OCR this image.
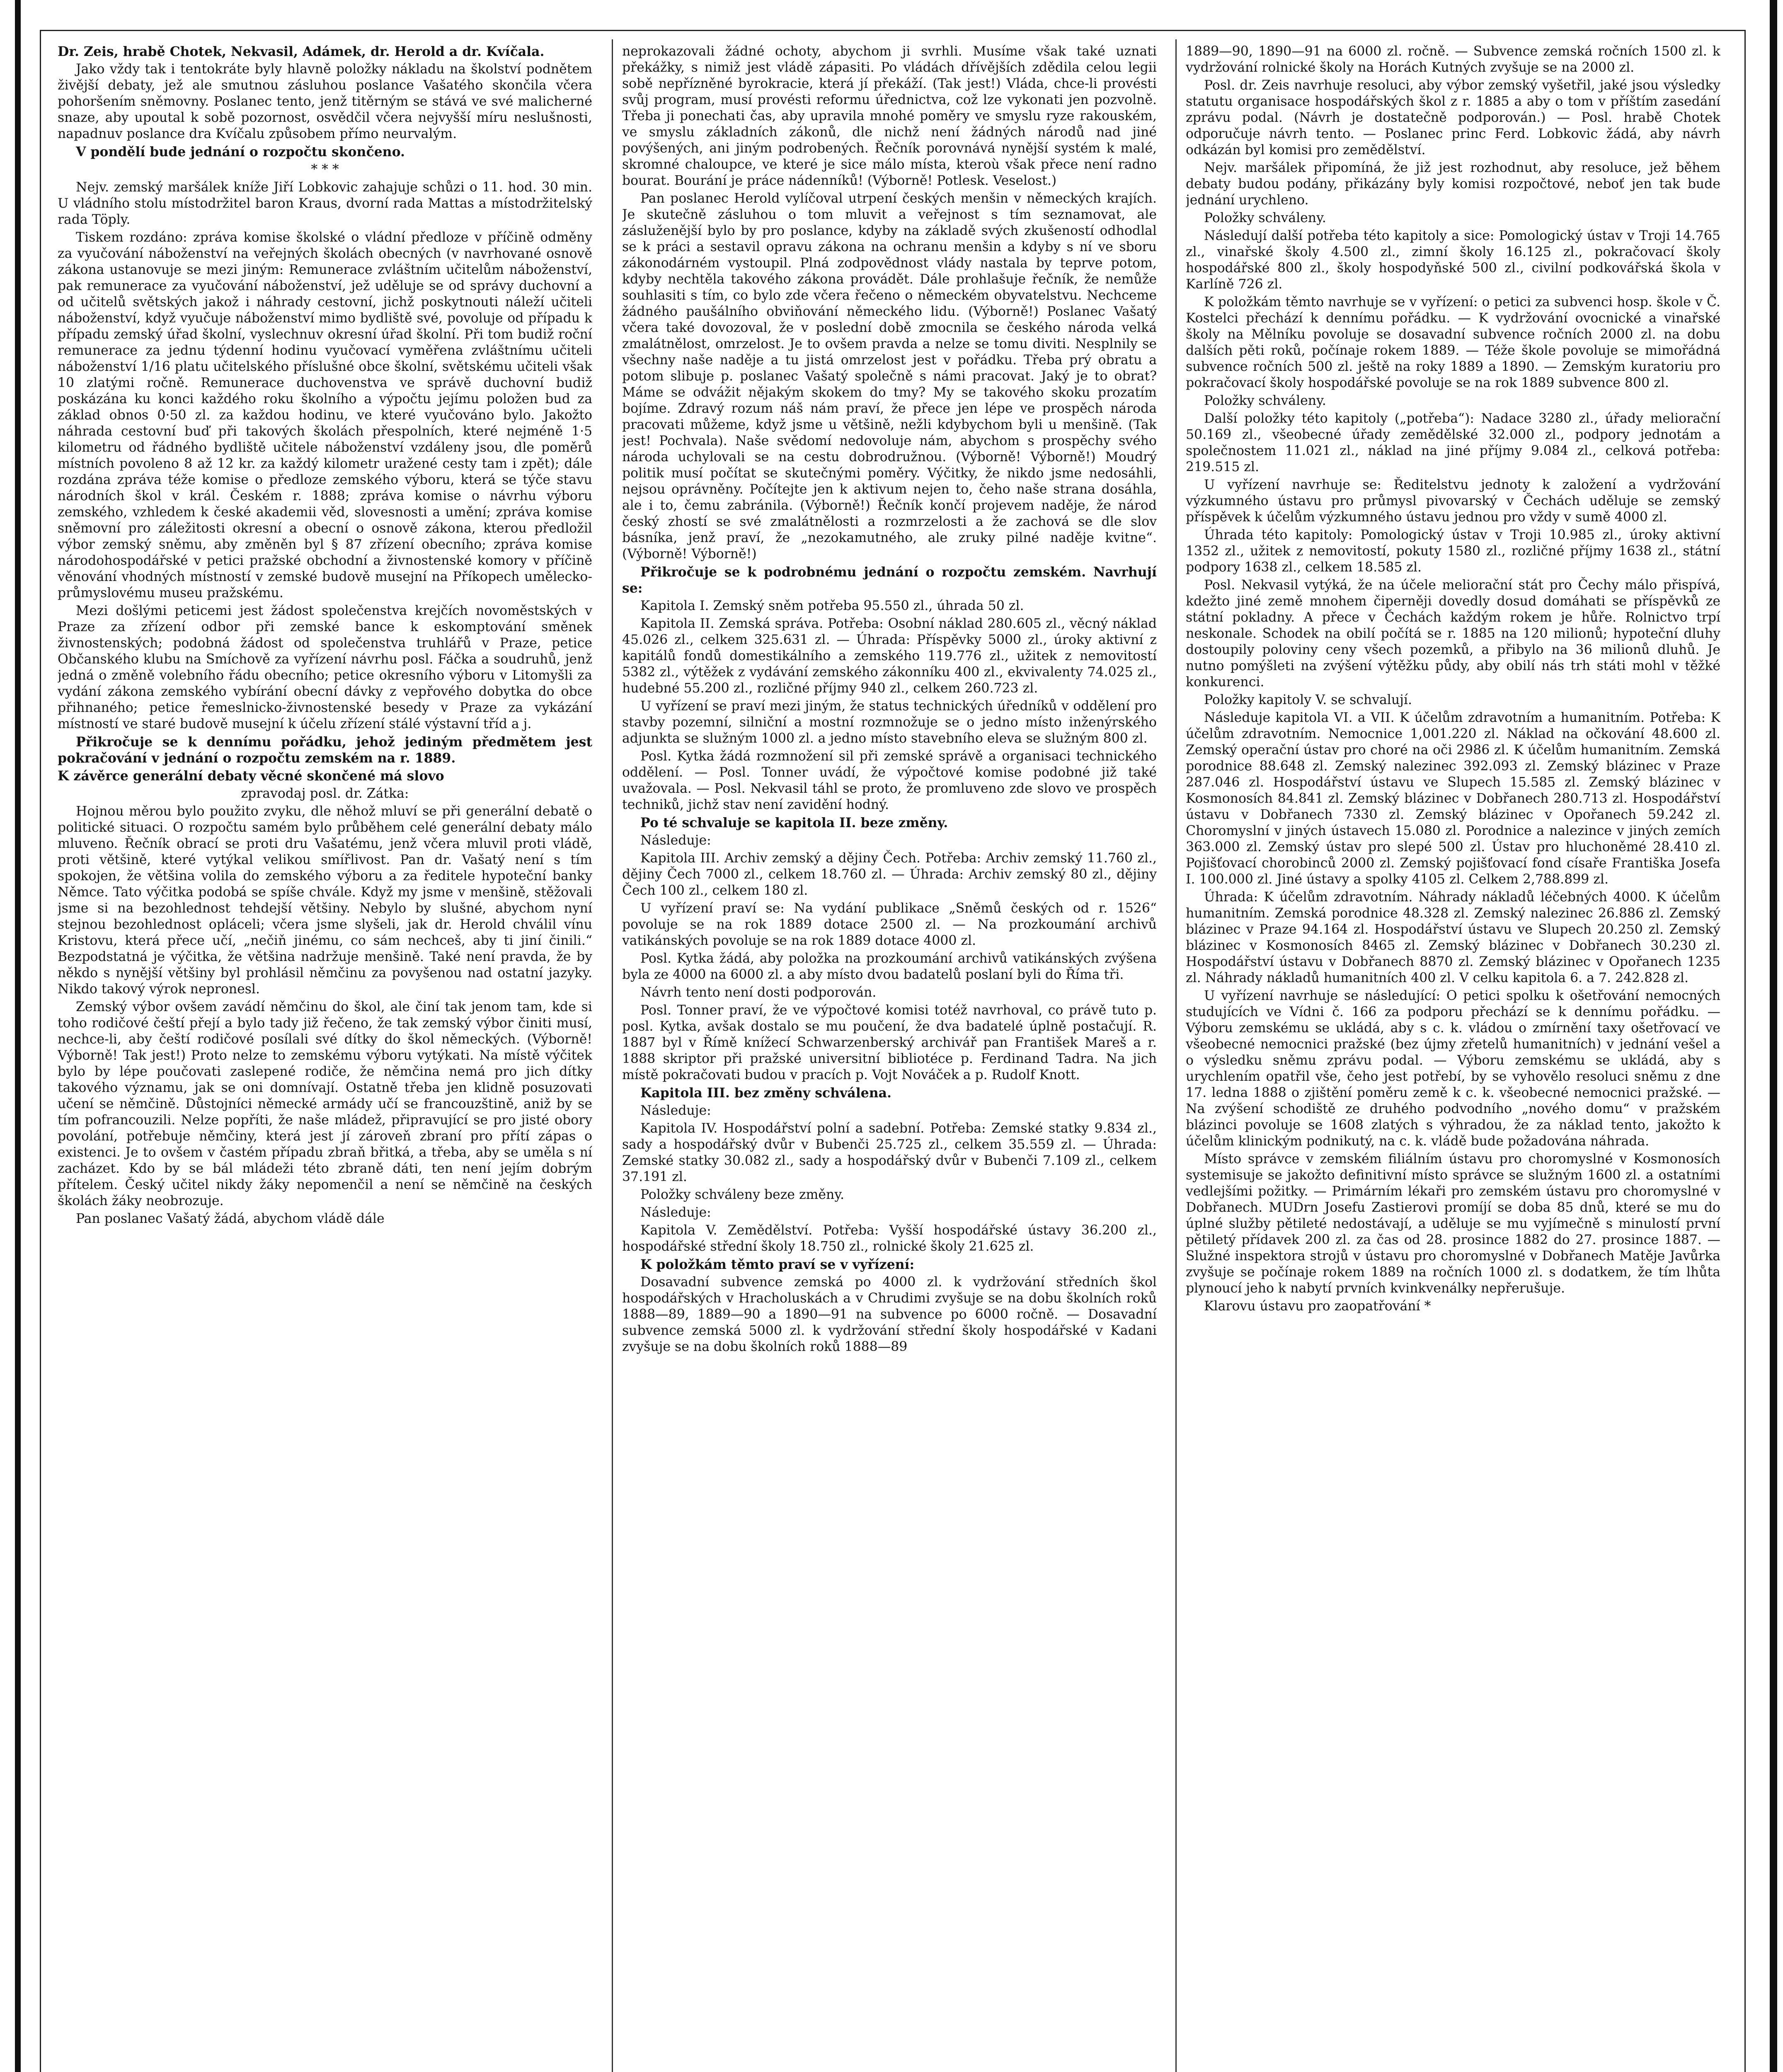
Dr. Zeis, hrabě Chotek, Nekvasil, Adámek, dr. Herold a dr. Kvíčala.

Jako vždy tak i tentokráte byly hlavně položky nákladu na školství podnětem živější debaty, jež ale smutnou zásluhou poslance Vašatého skončila včera pohoršením sněmovny. Poslanec tento, jenž titěrným se stává ve své malicherné snaze, aby upoutal k sobě pozornost, osvědčil včera nejvyšší míru neslušnosti, napadnuv poslance dra Kvíčalu způsobem přímo neurvalým.

V pondělí bude jednání o rozpočtu skončeno.

* * *

Nejv. zemský maršálek kníže Jiří Lobkovic zahajuje schůzi o 11. hod. 30 min. U vládního stolu místodržitel baron Kraus, dvorní rada Mattas a místodržitelský rada Töply.

Tiskem rozdáno: zpráva komise školské o vládní předloze v příčině odměny za vyučování náboženství na veřejných školách obecných (v navrhované osnově zákona ustanovuje se mezi jiným: Remunerace zvláštním učitelům náboženství, pak remunerace za vyučování náboženství, jež uděluje se od správy duchovní a od učitelů světských jakož i náhrady cestovní, jichž poskytnouti náleží učiteli náboženství, když vyučuje náboženství mimo bydliště své, povoluje od případu k případu zemský úřad školní, vyslechnuv okresní úřad školní. Při tom budiž roční remunerace za jednu týdenní hodinu vyučovací vyměřena zvláštnímu učiteli náboženství 1/16 platu učitelského příslušné obce školní, světskému učiteli však 10 zlatými ročně. Remunerace duchovenstva ve správě duchovní budiž poskázána ku konci každého roku školního a výpočtu jejímu položen bud za základ obnos 0·50 zl. za každou hodinu, ve které vyučováno bylo. Jakožto náhrada cestovní buď při takových školách přespolních, které nejméně 1·5 kilometru od řádného bydliště učitele náboženství vzdáleny jsou, dle poměrů místních povoleno 8 až 12 kr. za každý kilometr uražené cesty tam i zpět); dále rozdána zpráva téže komise o předloze zemského výboru, která se týče stavu národních škol v král. Českém r. 1888; zpráva komise o návrhu výboru zemského, vzhledem k české akademii věd, slovesnosti a umění; zpráva komise sněmovní pro záležitosti okresní a obecní o osnově zákona, kterou předložil výbor zemský sněmu, aby změněn byl § 87 zřízení obecního; zpráva komise národohospodářské v petici pražské obchodní a živnostenské komory v příčině věnování vhodných místností v zemské budově musejní na Příkopech umělecko-průmyslovému museu pražskému.

Mezi došlými peticemi jest žádost společenstva krejčích novoměstských v Praze za zřízení odbor při zemské bance k eskomptování směnek živnostenských; podobná žádost od společenstva truhlářů v Praze, petice Občanského klubu na Smíchově za vyřízení návrhu posl. Fáčka a soudruhů, jenž jedná o změně volebního řádu obecního; petice okresního výboru v Litomyšli za vydání zákona zemského vybírání obecní dávky z vepřového dobytka do obce přihnaného; petice řemeslnicko-živnostenské besedy v Praze za vykázání místností ve staré budově musejní k účelu zřízení stálé výstavní tříd a j.

Přikročuje se k dennímu pořádku, jehož jediným předmětem jest pokračování v jednání o rozpočtu zemském na r. 1889.

K závěrce generální debaty věcné skončené má slovo

zpravodaj posl. dr. Zátka:

Hojnou měrou bylo použito zvyku, dle něhož mluví se při generální debatě o politické situaci. O rozpočtu samém bylo průběhem celé generální debaty málo mluveno. Řečník obrací se proti dru Vašatému, jenž včera mluvil proti vládě, proti většině, které vytýkal velikou smířlivost. Pan dr. Vašatý není s tím spokojen, že většina volila do zemského výboru a za ředitele hypoteční banky Němce. Tato výčitka podobá se spíše chvále. Když my jsme v menšině, stěžovali jsme si na bezohlednost tehdejší většiny. Nebylo by slušné, abychom nyní stejnou bezohlednost opláceli; včera jsme slyšeli, jak dr. Herold chválil vínu Kristovu, která přece učí, „nečiň jinému, co sám nechceš, aby ti jiní činili.“ Bezpodstatná je výčitka, že většina nadržuje menšině. Také není pravda, že by někdo s nynější většiny byl prohlásil němčinu za povyšenou nad ostatní jazyky. Nikdo takový výrok nepronesl.

Zemský výbor ovšem zavádí němčinu do škol, ale činí tak jenom tam, kde si toho rodičové čeští přejí a bylo tady již řečeno, že tak zemský výbor činiti musí, nechce-li, aby čeští rodičové posílali své dítky do škol německých. (Výborně! Výborně! Tak jest!) Proto nelze to zemskému výboru vytýkati. Na místě výčitek bylo by lépe poučovati zaslepené rodiče, že němčina nemá pro jich dítky takového významu, jak se oni domnívají. Ostatně třeba jen klidně posuzovati učení se němčině. Důstojníci německé armády učí se francouzštině, aniž by se tím pofrancouzili. Nelze popříti, že naše mládež, připravující se pro jisté obory povolání, potřebuje němčiny, která jest jí zároveň zbraní pro přítí zápas o existenci. Je to ovšem v častém případu zbraň břitká, a třeba, aby se uměla s ní zacházet. Kdo by se bál mládeži této zbraně dáti, ten není jejím dobrým přítelem. Český učitel nikdy žáky nepomenčil a není se němčině na českých školách žáky neobrozuje.

Pan poslanec Vašatý žádá, abychom vládě dále

neprokazovali žádné ochoty, abychom ji svrhli. Musíme však také uznati překážky, s nimiž jest vládě zápasiti. Po vládách dřívějších zdědila celou legii sobě nepřízněné byrokracie, která jí překáží. (Tak jest!) Vláda, chce-li provésti svůj program, musí provésti reformu úřednictva, což lze vykonati jen pozvolně. Třeba ji ponechati čas, aby upravila mnohé poměry ve smyslu ryze rakouském, ve smyslu základních zákonů, dle nichž není žádných národů nad jiné povýšených, ani jiným podrobených. Řečník porovnává nynější systém k malé, skromné chaloupce, ve které je sice málo místa, kteroù však přece není radno bourat. Bourání je práce nádenníků! (Výborně! Potlesk. Veselost.)

Pan poslanec Herold vylíčoval utrpení českých menšin v německých krajích. Je skutečně zásluhou o tom mluvit a veřejnost s tím seznamovat, ale zásluženější bylo by pro poslance, kdyby na základě svých zkušeností odhodlal se k práci a sestavil opravu zákona na ochranu menšin a kdyby s ní ve sboru zákonodárném vystoupil. Plná zodpovědnost vlády nastala by teprve potom, kdyby nechtěla takového zákona provádět. Dále prohlašuje řečník, že nemůže souhlasiti s tím, co bylo zde včera řečeno o německém obyvatelstvu. Nechceme žádného paušálního obviňování německého lidu. (Výborně!) Poslanec Vašatý včera také dovozoval, že v poslední době zmocnila se českého národa velká zmalátnělost, omrzelost. Je to ovšem pravda a nelze se tomu diviti. Nesplnily se všechny naše naděje a tu jistá omrzelost jest v pořádku. Třeba prý obratu a potom slibuje p. poslanec Vašatý společně s námi pracovat. Jaký je to obrat? Máme se odvážit nějakým skokem do tmy? My se takového skoku prozatím bojíme. Zdravý rozum náš nám praví, že přece jen lépe ve prospěch národa pracovati můžeme, když jsme u většině, nežli kdybychom byli u menšině. (Tak jest! Pochvala). Naše svědomí nedovoluje nám, abychom s prospěchy svého národa uchylovali se na cestu dobrodružnou. (Výborně! Výborně!) Moudrý politik musí počítat se skutečnými poměry. Výčitky, že nikdo jsme nedosáhli, nejsou oprávněny. Počítejte jen k aktivum nejen to, čeho naše strana dosáhla, ale i to, čemu zabránila. (Výborně!) Řečník končí projevem naděje, že národ český zhostí se své zmalátnělosti a rozmrzelosti a že zachová se dle slov básníka, jenž praví, že „nezokamutného, ale zruky pilné naděje kvitne“. (Výborně! Výborně!)

Přikročuje se k podrobnému jednání o rozpočtu zemském. Navrhují se:

Kapitola I. Zemský sněm potřeba 95.550 zl., úhrada 50 zl.

Kapitola II. Zemská správa. Potřeba: Osobní náklad 280.605 zl., věcný náklad 45.026 zl., celkem 325.631 zl. — Úhrada: Příspěvky 5000 zl., úroky aktivní z kapitálů fondů domestikálního a zemského 119.776 zl., užitek z nemovitostí 5382 zl., výtěžek z vydávání zemského zákonníku 400 zl., ekvivalenty 74.025 zl., hudebné 55.200 zl., rozličné příjmy 940 zl., celkem 260.723 zl.

U vyřízení se praví mezi jiným, že status technických úředníků v oddělení pro stavby pozemní, silniční a mostní rozmnožuje se o jedno místo inženýrského adjunkta se služným 1000 zl. a jedno místo stavebního eleva se služným 800 zl.

Posl. Kytka žádá rozmnožení sil při zemské správě a organisaci technického oddělení. — Posl. Tonner uvádí, že výpočtové komise podobné již také uvažovala. — Posl. Nekvasil táhl se proto, že promluveno zde slovo ve prospěch techniků, jichž stav není zavidění hodný.

Po té schvaluje se kapitola II. beze změny.

Následuje:

Kapitola III. Archiv zemský a dějiny Čech. Potřeba: Archiv zemský 11.760 zl., dějiny Čech 7000 zl., celkem 18.760 zl. — Úhrada: Archiv zemský 80 zl., dějiny Čech 100 zl., celkem 180 zl.

U vyřízení praví se: Na vydání publikace „Sněmů českých od r. 1526“ povoluje se na rok 1889 dotace 2500 zl. — Na prozkoumání archivů vatikánských povoluje se na rok 1889 dotace 4000 zl.

Posl. Kytka žádá, aby položka na prozkoumání archivů vatikánských zvýšena byla ze 4000 na 6000 zl. a aby místo dvou badatelů poslaní byli do Říma tři.

Návrh tento není dosti podporován.

Posl. Tonner praví, že ve výpočtové komisi totéž navrhoval, co právě tuto p. posl. Kytka, avšak dostalo se mu poučení, že dva badatelé úplně postačují. R. 1887 byl v Římě knížecí Schwarzenberský archivář pan František Mareš a r. 1888 skriptor při pražské universitní bibliotéce p. Ferdinand Tadra. Na jich místě pokračovati budou v pracích p. Vojt Nováček a p. Rudolf Knott.

Kapitola III. bez změny schválena.

Následuje:

Kapitola IV. Hospodářství polní a sadební. Potřeba: Zemské statky 9.834 zl., sady a hospodářský dvůr v Bubenči 25.725 zl., celkem 35.559 zl. — Úhrada: Zemské statky 30.082 zl., sady a hospodářský dvůr v Bubenči 7.109 zl., celkem 37.191 zl.

Položky schváleny beze změny.

Následuje:

Kapitola V. Zemědělství. Potřeba: Vyšší hospodářské ústavy 36.200 zl., hospodářské střední školy 18.750 zl., rolnické školy 21.625 zl.

K položkám těmto praví se v vyřízení:

Dosavadní subvence zemská po 4000 zl. k vydržování středních škol hospodářských v Hracholuskách a v Chrudimi zvyšuje se na dobu školních roků 1888—89, 1889—90 a 1890—91 na subvence po 6000 ročně. — Dosavadní subvence zemská 5000 zl. k vydržování střední školy hospodářské v Kadani zvyšuje se na dobu školních roků 1888—89

1889—90, 1890—91 na 6000 zl. ročně. — Subvence zemská ročních 1500 zl. k vydržování rolnické školy na Horách Kutných zvyšuje se na 2000 zl.

Posl. dr. Zeis navrhuje resoluci, aby výbor zemský vyšetřil, jaké jsou výsledky statutu organisace hospodářských škol z r. 1885 a aby o tom v příštím zasedání zprávu podal. (Návrh je dostatečně podporován.) — Posl. hrabě Chotek odporučuje návrh tento. — Poslanec princ Ferd. Lobkovic žádá, aby návrh odkázán byl komisi pro zemědělství.

Nejv. maršálek připomíná, že již jest rozhodnut, aby resoluce, jež během debaty budou podány, přikázány byly komisi rozpočtové, neboť jen tak bude jednání urychleno.

Položky schváleny.

Následují další potřeba této kapitoly a sice: Pomologický ústav v Troji 14.765 zl., vinařské školy 4.500 zl., zimní školy 16.125 zl., pokračovací školy hospodářské 800 zl., školy hospodyňské 500 zl., civilní podkovářská škola v Karlíně 726 zl.

K položkám těmto navrhuje se v vyřízení: o petici za subvenci hosp. škole v Č. Kostelci přechází k dennímu pořádku. — K vydržování ovocnické a vinařské školy na Mělníku povoluje se dosavadní subvence ročních 2000 zl. na dobu dalších pěti roků, počínaje rokem 1889. — Téže škole povoluje se mimořádná subvence ročních 500 zl. ještě na roky 1889 a 1890. — Zemským kuratoriu pro pokračovací školy hospodářské povoluje se na rok 1889 subvence 800 zl.

Položky schváleny.

Další položky této kapitoly („potřeba“): Nadace 3280 zl., úřady meliorační 50.169 zl., všeobecné úřady zemědělské 32.000 zl., podpory jednotám a společnostem 11.021 zl., náklad na jiné příjmy 9.084 zl., celková potřeba: 219.515 zl.

U vyřízení navrhuje se: Ředitelstvu jednoty k založení a vydržování výzkumného ústavu pro průmysl pivovarský v Čechách uděluje se zemský příspěvek k účelům výzkumného ústavu jednou pro vždy v sumě 4000 zl.

Úhrada této kapitoly: Pomologický ústav v Troji 10.985 zl., úroky aktivní 1352 zl., užitek z nemovitostí, pokuty 1580 zl., rozličné příjmy 1638 zl., státní podpory 1638 zl., celkem 18.585 zl.

Posl. Nekvasil vytýká, že na účele meliorační stát pro Čechy málo přispívá, kdežto jiné země mnohem čiperněji dovedly dosud domáhati se příspěvků ze státní pokladny. A přece v Čechách každým rokem je hůře. Rolnictvo trpí neskonale. Schodek na obilí počítá se r. 1885 na 120 milionů; hypoteční dluhy dostoupily poloviny ceny všech pozemků, a přibylo na 36 milionů dluhů. Je nutno pomýšleti na zvýšení výtěžku půdy, aby obilí nás trh státi mohl v těžké konkurenci.

Položky kapitoly V. se schvalují.

Následuje kapitola VI. a VII. K účelům zdravotním a humanitním. Potřeba: K účelům zdravotním. Nemocnice 1,001.220 zl. Náklad na očkování 48.600 zl. Zemský operační ústav pro choré na oči 2986 zl. K účelům humanitním. Zemská porodnice 88.648 zl. Zemský nalezinec 392.093 zl. Zemský blázinec v Praze 287.046 zl. Hospodářství ústavu ve Slupech 15.585 zl. Zemský blázinec v Kosmonosích 84.841 zl. Zemský blázinec v Dobřanech 280.713 zl. Hospodářství ústavu v Dobřanech 7330 zl. Zemský blázinec v Opořanech 59.242 zl. Choromyslní v jiných ústavech 15.080 zl. Porodnice a nalezince v jiných zemích 363.000 zl. Zemský ústav pro slepé 500 zl. Ústav pro hluchoněmé 28.410 zl. Pojišťovací chorobinců 2000 zl. Zemský pojišťovací fond císaře Františka Josefa I. 100.000 zl. Jiné ústavy a spolky 4105 zl. Celkem 2,788.899 zl.

Úhrada: K účelům zdravotním. Náhrady nákladů léčebných 4000. K účelům humanitním. Zemská porodnice 48.328 zl. Zemský nalezinec 26.886 zl. Zemský blázinec v Praze 94.164 zl. Hospodářství ústavu ve Slupech 20.250 zl. Zemský blázinec v Kosmonosích 8465 zl. Zemský blázinec v Dobřanech 30.230 zl. Hospodářství ústavu v Dobřanech 8870 zl. Zemský blázinec v Opořanech 1235 zl. Náhrady nákladů humanitních 400 zl. V celku kapitola 6. a 7. 242.828 zl.

U vyřízení navrhuje se následující: O petici spolku k ošetřování nemocných studujících ve Vídni č. 166 za podporu přechází se k dennímu pořádku. — Výboru zemskému se ukládá, aby s c. k. vládou o zmírnění taxy ošetřovací ve všeobecné nemocnici pražské (bez újmy zřetelů humanitních) v jednání vešel a o výsledku sněmu zprávu podal. — Výboru zemskému se ukládá, aby s urychlením opatřil vše, čeho jest potřebí, by se vyhovělo resoluci sněmu z dne 17. ledna 1888 o zjištění poměru země k c. k. všeobecné nemocnici pražské. — Na zvýšení schodiště ze druhého podvodního „nového domu“ v pražském blázinci povoluje se 1608 zlatých s výhradou, že za náklad tento, jakožto k účelům klinickým podnikutý, na c. k. vládě bude požadována náhrada.

Místo správce v zemském filiálním ústavu pro choromyslné v Kosmonosích systemisuje se jakožto definitivní místo správce se služným 1600 zl. a ostatními vedlejšími požitky. — Primárním lékaři pro zemském ústavu pro choromyslné v Dobřanech. MUDrn Josefu Zastierovi promíjí se doba 85 dnů, které se mu do úplné služby pětileté nedostávají, a uděluje se mu vyjímečně s minulostí první pětiletý přídavek 200 zl. za čas od 28. prosince 1882 do 27. prosince 1887. — Služné inspektora strojů v ústavu pro choromyslné v Dobřanech Matěje Javůrka zvyšuje se počínaje rokem 1889 na ročních 1000 zl. s dodatkem, že tím lhůta plynoucí jeho k nabytí prvních kvinkvenálky nepřerušuje.

Klarovu ústavu pro zaopatřování *
